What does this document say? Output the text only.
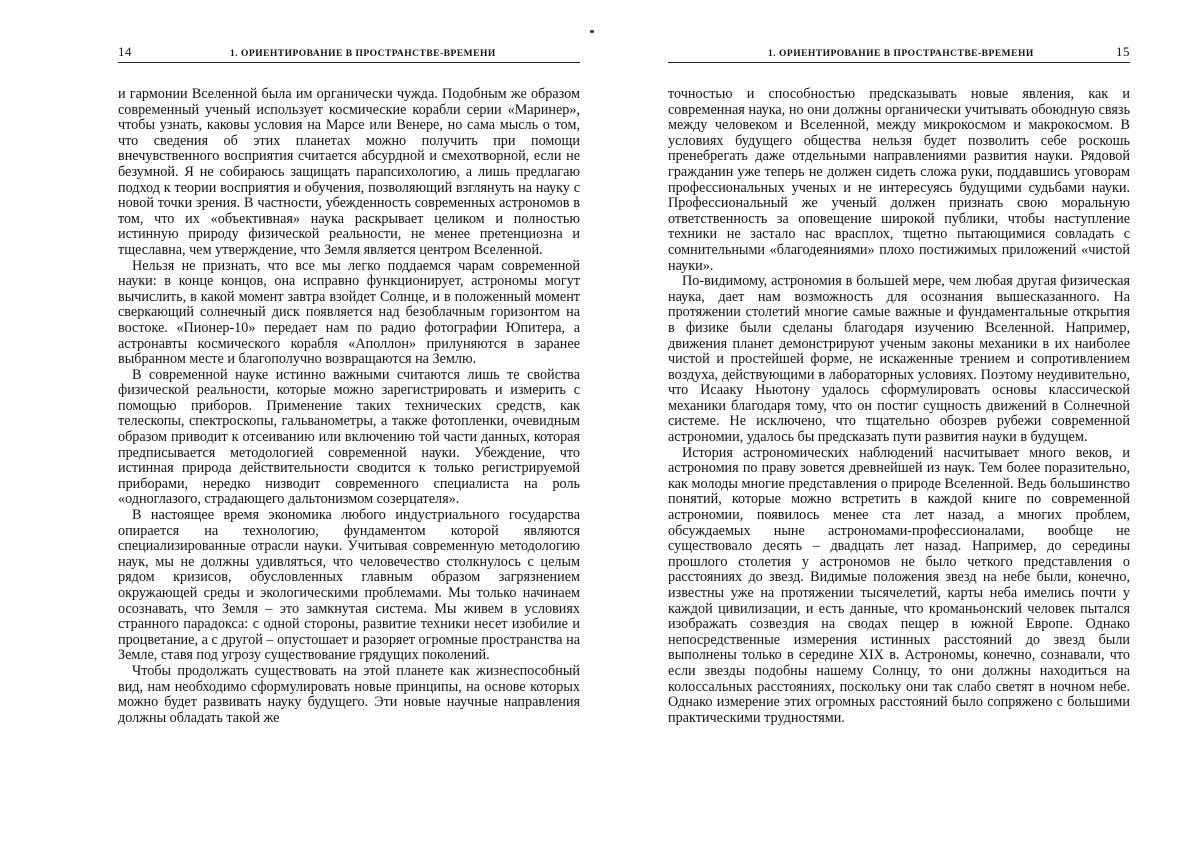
14	1. ОРИЕНТИРОВАНИЕ В ПРОСТРАНСТВЕ-ВРЕМЕНИ

и гармонии Вселенной была им органически чужда. Подобным же образом современный ученый использует космические корабли серии «Маринер», чтобы узнать, каковы условия на Марсе или Венере, но сама мысль о том, что сведения об этих планетах можно получить при помощи внечувственного восприятия считается абсурдной и смехотворной, если не безумной. Я не собираюсь защищать парапсихологию, а лишь предлагаю подход к теории восприятия и обучения, позволяющий взглянуть на науку с новой точки зрения. В частности, убежденность современных астрономов в том, что их «объективная» наука раскрывает целиком и полностью истинную природу физической реальности, не менее претенциозна и тщеславна, чем утверждение, что Земля является центром Вселенной.

Нельзя не признать, что все мы легко поддаемся чарам современной науки: в конце концов, она исправно функционирует, астрономы могут вычислить, в какой момент завтра взойдет Солнце, и в положенный момент сверкающий солнечный диск появляется над безоблачным горизонтом на востоке. «Пионер-10» передает нам по радио фотографии Юпитера, а астронавты космического корабля «Аполлон» прилуняются в заранее выбранном месте и благополучно возвращаются на Землю.

В современной науке истинно важными считаются лишь те свойства физической реальности, которые можно зарегистрировать и измерить с помощью приборов. Применение таких технических средств, как телескопы, спектроскопы, гальванометры, а также фотопленки, очевидным образом приводит к отсеиванию или включению той части данных, которая предписывается методологией современной науки. Убеждение, что истинная природа действительности сводится к только регистрируемой приборами, нередко низводит современного специалиста на роль «одноглазого, страдающего дальтонизмом созерцателя».

В настоящее время экономика любого индустриального государства опирается на технологию, фундаментом которой являются специализированные отрасли науки. Учитывая современную методологию наук, мы не должны удивляться, что человечество столкнулось с целым рядом кризисов, обусловленных главным образом загрязнением окружающей среды и экологическими проблемами. Мы только начинаем осознавать, что Земля – это замкнутая система. Мы живем в условиях странного парадокса: с одной стороны, развитие техники несет изобилие и процветание, а с другой – опустошает и разоряет огромные пространства на Земле, ставя под угрозу существование грядущих поколений.

Чтобы продолжать существовать на этой планете как жизнеспособный вид, нам необходимо сформулировать новые принципы, на основе которых можно будет развивать науку будущего. Эти новые научные направления должны обладать такой же

1. ОРИЕНТИРОВАНИЕ В ПРОСТРАНСТВЕ-ВРЕМЕНИ	15

точностью и способностью предсказывать новые явления, как и современная наука, но они должны органически учитывать обоюдную связь между человеком и Вселенной, между микрокосмом и макрокосмом. В условиях будущего общества нельзя будет позволить себе роскошь пренебрегать даже отдельными направлениями развития науки. Рядовой гражданин уже теперь не должен сидеть сложа руки, поддавшись уговорам профессиональных ученых и не интересуясь будущими судьбами науки. Профессиональный же ученый должен признать свою моральную ответственность за оповещение широкой публики, чтобы наступление техники не застало нас врасплох, тщетно пытающимися совладать с сомнительными «благодеяниями» плохо постижимых приложений «чистой науки».

По-видимому, астрономия в большей мере, чем любая другая физическая наука, дает нам возможность для осознания вышесказанного. На протяжении столетий многие самые важные и фундаментальные открытия в физике были сделаны благодаря изучению Вселенной. Например, движения планет демонстрируют ученым законы механики в их наиболее чистой и простейшей форме, не искаженные трением и сопротивлением воздуха, действующими в лабораторных условиях. Поэтому неудивительно, что Исааку Ньютону удалось сформулировать основы классической механики благодаря тому, что он постиг сущность движений в Солнечной системе. Не исключено, что тщательно обозрев рубежи современной астрономии, удалось бы предсказать пути развития науки в будущем.

История астрономических наблюдений насчитывает много веков, и астрономия по праву зовется древнейшей из наук. Тем более поразительно, как молоды многие представления о природе Вселенной. Ведь большинство понятий, которые можно встретить в каждой книге по современной астрономии, появилось менее ста лет назад, а многих проблем, обсуждаемых ныне астрономами-профессионалами, вообще не существовало десять – двадцать лет назад. Например, до середины прошлого столетия у астрономов не было четкого представления о расстояниях до звезд. Видимые положения звезд на небе были, конечно, известны уже на протяжении тысячелетий, карты неба имелись почти у каждой цивилизации, и есть данные, что кроманьонский человек пытался изображать созвездия на сводах пещер в южной Европе. Однако непосредственные измерения истинных расстояний до звезд были выполнены только в середине XIX в. Астрономы, конечно, сознавали, что если звезды подобны нашему Солнцу, то они должны находиться на колоссальных расстояниях, поскольку они так слабо светят в ночном небе. Однако измерение этих огромных расстояний было сопряжено с большими практическими трудностями.
